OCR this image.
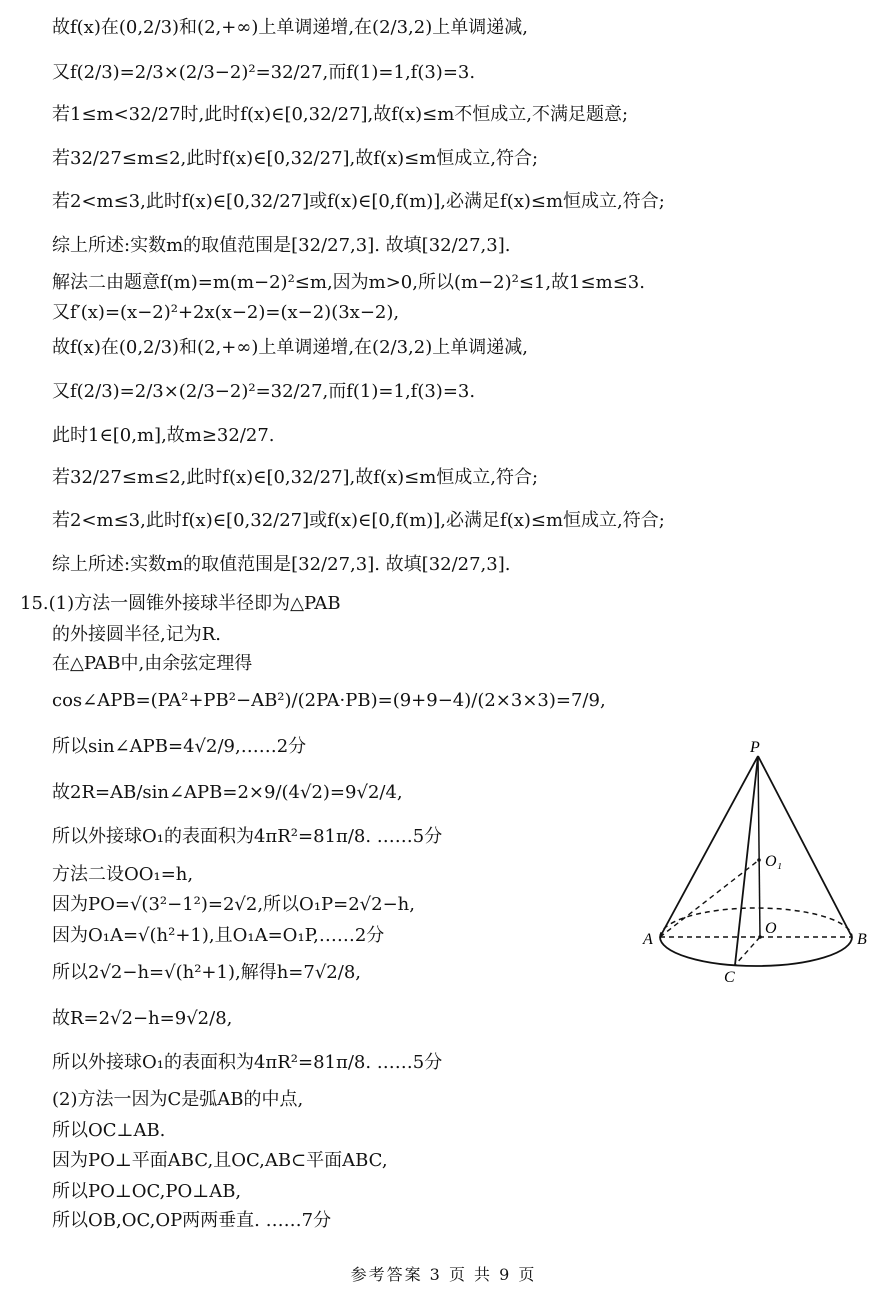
故f(x)在(0,2/3)和(2,+∞)上单调递增,在(2/3,2)上单调递减,
又f(2/3)=2/3×(2/3−2)²=32/27,而f(1)=1,f(3)=3.
若1≤m<32/27时,此时f(x)∈[0,32/27],故f(x)≤m不恒成立,不满足题意;
若32/27≤m≤2,此时f(x)∈[0,32/27],故f(x)≤m恒成立,符合;
若2<m≤3,此时f(x)∈[0,32/27]或f(x)∈[0,f(m)],必满足f(x)≤m恒成立,符合;
综上所述:实数m的取值范围是[32/27,3]. 故填[32/27,3].
解法二由题意f(m)=m(m−2)²≤m,因为m>0,所以(m−2)²≤1,故1≤m≤3.
又f′(x)=(x−2)²+2x(x−2)=(x−2)(3x−2),
故f(x)在(0,2/3)和(2,+∞)上单调递增,在(2/3,2)上单调递减,
又f(2/3)=2/3×(2/3−2)²=32/27,而f(1)=1,f(3)=3.
此时1∈[0,m],故m≥32/27.
若32/27≤m≤2,此时f(x)∈[0,32/27],故f(x)≤m恒成立,符合;
若2<m≤3,此时f(x)∈[0,32/27]或f(x)∈[0,f(m)],必满足f(x)≤m恒成立,符合;
综上所述:实数m的取值范围是[32/27,3]. 故填[32/27,3].
15.(1)方法一圆锥外接球半径即为△PAB
的外接圆半径,记为R.
在△PAB中,由余弦定理得
cos∠APB=(PA²+PB²−AB²)/(2PA·PB)=(9+9−4)/(2×3×3)=7/9,
所以sin∠APB=4√2/9,……2分
故2R=AB/sin∠APB=2×9/(4√2)=9√2/4,
所以外接球O₁的表面积为4πR²=81π/8. ……5分
方法二设OO₁=h,
因为PO=√(3²−1²)=2√2,所以O₁P=2√2−h,
因为O₁A=√(h²+1),且O₁A=O₁P,……2分
所以2√2−h=√(h²+1),解得h=7√2/8,
故R=2√2−h=9√2/8,
所以外接球O₁的表面积为4πR²=81π/8. ……5分
(2)方法一因为C是弧AB的中点,
所以OC⊥AB.
因为PO⊥平面ABC,且OC,AB⊂平面ABC,
所以PO⊥OC,PO⊥AB,
所以OB,OC,OP两两垂直. ……7分
P
O₁
O
A	B
C
参考答案 3 页 共 9 页
